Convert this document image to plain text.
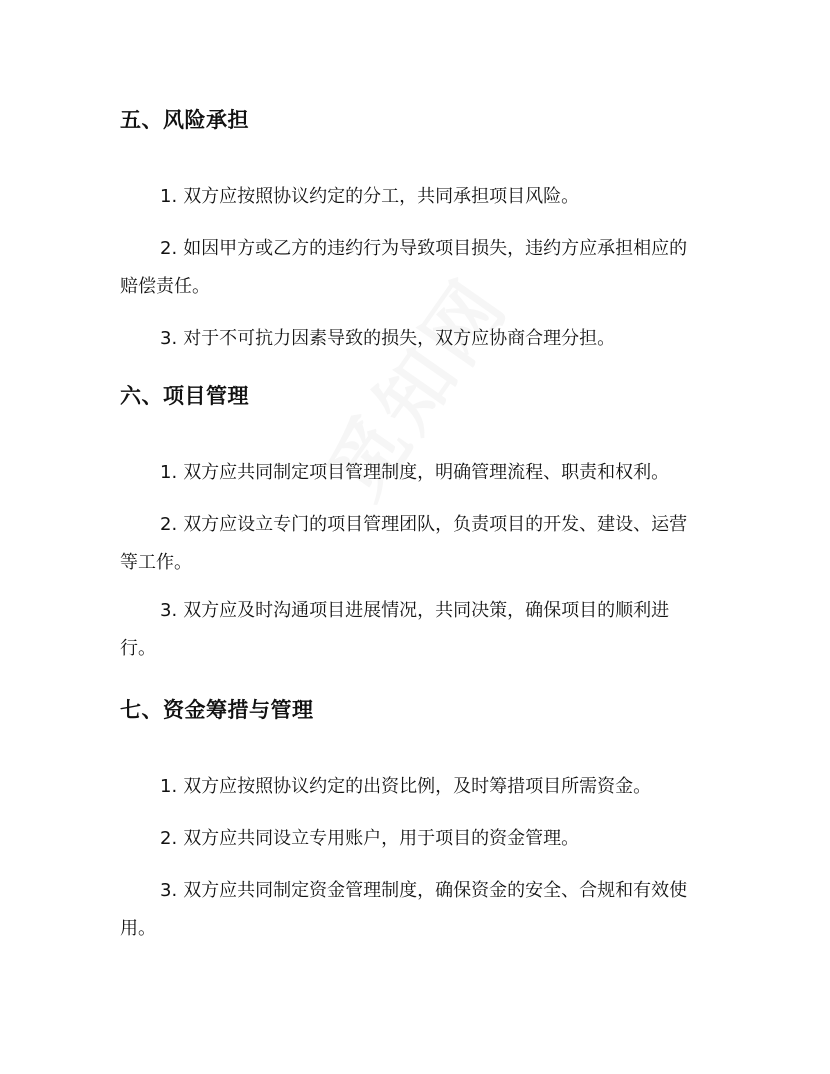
五、风险承担
1. 双方应按照协议约定的分工，共同承担项目风险。
2. 如因甲方或乙方的违约行为导致项目损失，违约方应承担相应的赔偿责任。
3. 对于不可抗力因素导致的损失，双方应协商合理分担。
六、项目管理
1. 双方应共同制定项目管理制度，明确管理流程、职责和权利。
2. 双方应设立专门的项目管理团队，负责项目的开发、建设、运营等工作。
3. 双方应及时沟通项目进展情况，共同决策，确保项目的顺利进行。
七、资金筹措与管理
1. 双方应按照协议约定的出资比例，及时筹措项目所需资金。
2. 双方应共同设立专用账户，用于项目的资金管理。
3. 双方应共同制定资金管理制度，确保资金的安全、合规和有效使用。
